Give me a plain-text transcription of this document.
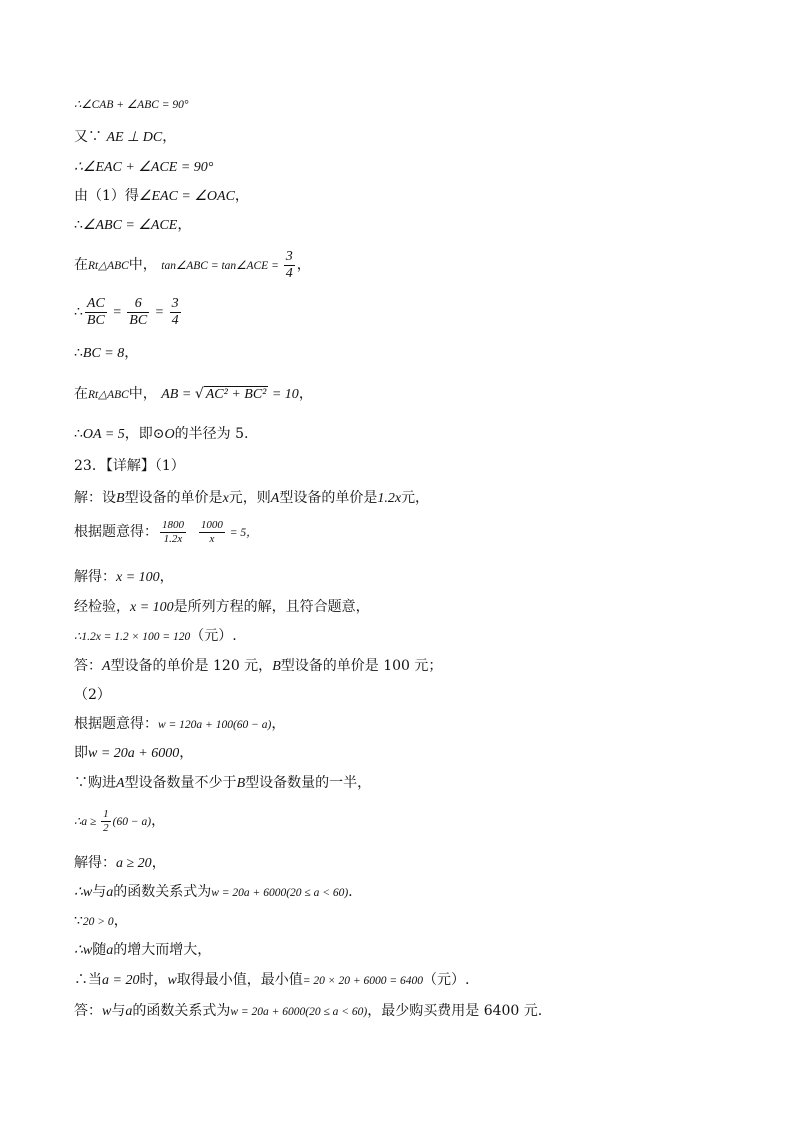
∴∠CAB + ∠ABC = 90°
又∵ AE ⊥ DC，
∴∠EAC + ∠ACE = 90°
由（1）得∠EAC = ∠OAC，
∴∠ABC = ∠ACE，
在Rt△ABC中， tan∠ABC = tan∠ACE = $\frac{3}{4}$ ，
∴ $\frac{AC}{BC} = \frac{6}{BC} = \frac{3}{4}$
∴BC = 8，
在Rt△ABC中， AB = √ AC² + BC² = 10，
∴OA = 5，即⊙O的半径为 5.
23．【详解】（1）
解：设B型设备的单价是x元，则A型设备的单价是1.2x元，
根据题意得： $\frac{1800}{1.2x}$
$\frac{1000}{x} = 5$，
解得：x = 100，
经检验，x = 100是所列方程的解，且符合题意，
∴1.2x = 1.2 × 100 = 120（元）.
答：A型设备的单价是 120 元，B型设备的单价是 100 元；
（2）
根据题意得：w = 120a + 100(60 − a)，
即w = 20a + 6000，
∵购进A型设备数量不少于B型设备数量的一半，
∴a ≥ $\frac{1}{2} (60 - a)$，
解得：a ≥ 20，
∴w与a的函数关系式为w = 20a + 6000(20 ≤ a < 60).
∵20 > 0，
∴w随a的增大而增大，
∴当a = 20时，w取得最小值，最小值= 20 × 20 + 6000 = 6400（元）.
答：w与a的函数关系式为w = 20a + 6000(20 ≤ a < 60)，最少购买费用是 6400 元.
